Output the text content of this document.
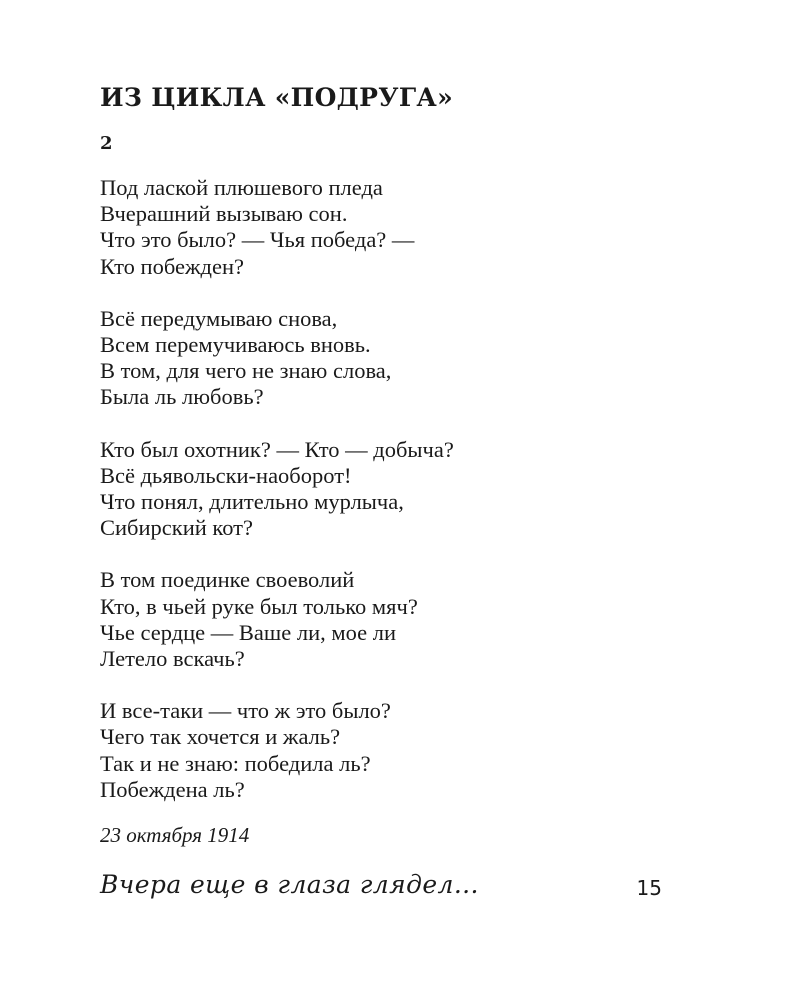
ИЗ ЦИКЛА «ПОДРУГА»
2
Под лаской плюшевого пледа
Вчерашний вызываю сон.
Что это было? — Чья победа? —
Кто побежден?
Всё передумываю снова,
Всем перемучиваюсь вновь.
В том, для чего не знаю слова,
Была ль любовь?
Кто был охотник? — Кто — добыча?
Всё дьявольски-наоборот!
Что понял, длительно мурлыча,
Сибирский кот?
В том поединке своеволий
Кто, в чьей руке был только мяч?
Чье сердце — Ваше ли, мое ли
Летело вскачь?
И все-таки — что ж это было?
Чего так хочется и жаль?
Так и не знаю: победила ль?
Побеждена ль?
23 октября 1914
Вчера еще в глаза глядел...	15
